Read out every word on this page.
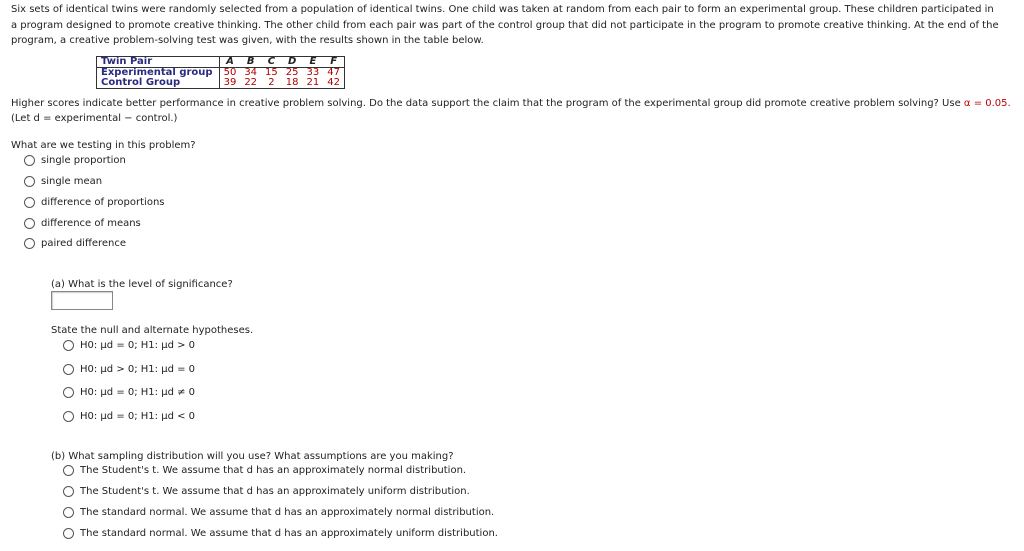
Six sets of identical twins were randomly selected from a population of identical twins. One child was taken at random from each pair to form an experimental group. These children participated in a program designed to promote creative thinking. The other child from each pair was part of the control group that did not participate in the program to promote creative thinking. At the end of the program, a creative problem-solving test was given, with the results shown in the table below.

Twin Pair	A	B	C	D	E	F
Experimental group	50	34	15	25	33	47
Control Group	39	22	2	18	21	42

Higher scores indicate better performance in creative problem solving. Do the data support the claim that the program of the experimental group did promote creative problem solving? Use α = 0.05.
(Let d = experimental − control.)

What are we testing in this problem?

single proportion
single mean
difference of proportions
difference of means
paired difference

(a) What is the level of significance?

State the null and alternate hypotheses.

H0: μd = 0; H1: μd > 0
H0: μd > 0; H1: μd = 0
H0: μd = 0; H1: μd ≠ 0
H0: μd = 0; H1: μd < 0

(b) What sampling distribution will you use? What assumptions are you making?

The Student's t. We assume that d has an approximately normal distribution.
The Student's t. We assume that d has an approximately uniform distribution.
The standard normal. We assume that d has an approximately normal distribution.
The standard normal. We assume that d has an approximately uniform distribution.
